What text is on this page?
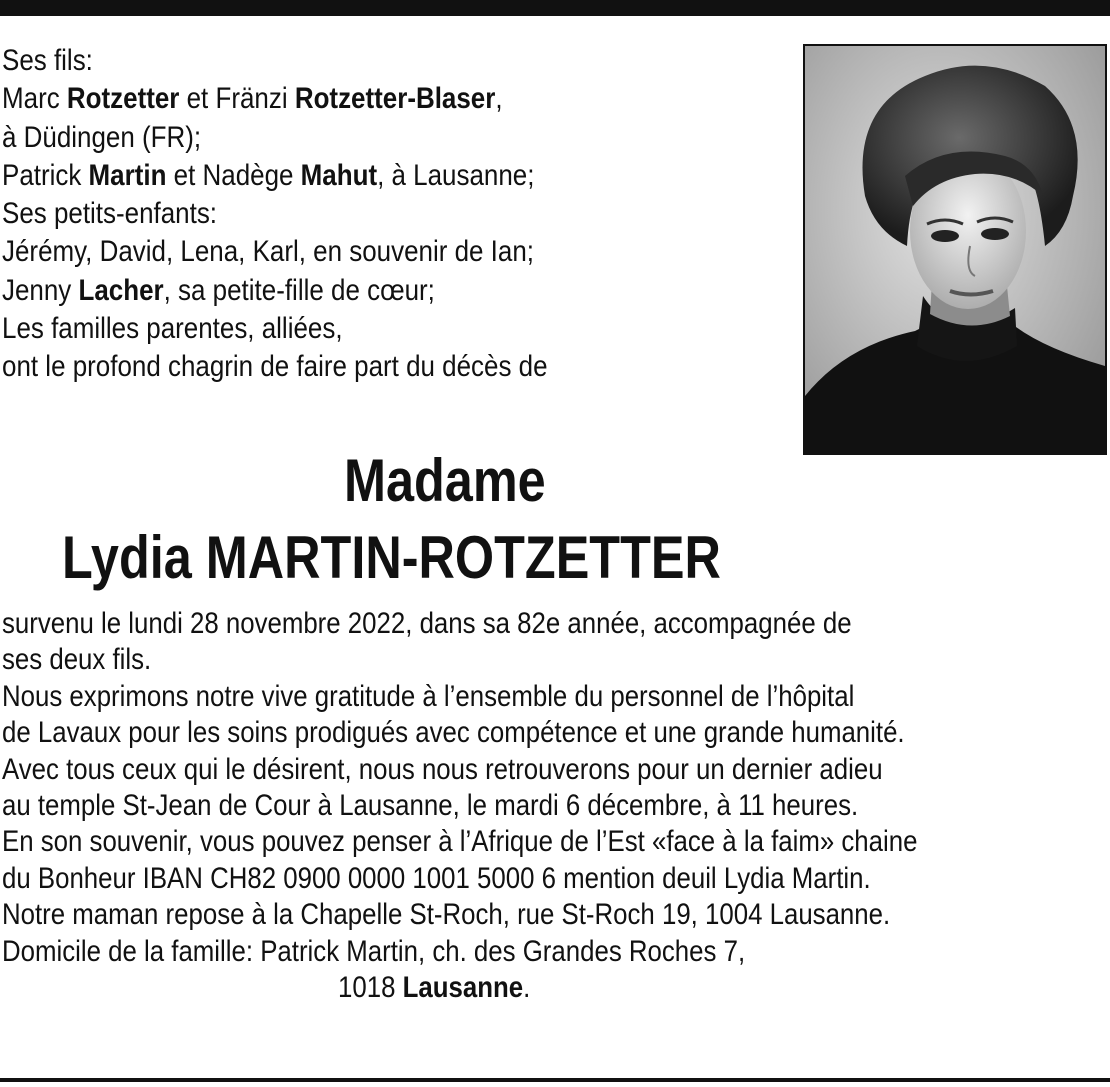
Ses fils:
Marc Rotzetter et Fränzi Rotzetter-Blaser,
à Düdingen (FR);
Patrick Martin et Nadège Mahut, à Lausanne;
Ses petits-enfants:
Jérémy, David, Lena, Karl, en souvenir de Ian;
Jenny Lacher, sa petite-fille de cœur;
Les familles parentes, alliées,
ont le profond chagrin de faire part du décès de
Madame
Lydia MARTIN-ROTZETTER
survenu le lundi 28 novembre 2022, dans sa 82e année, accompagnée de
ses deux fils.
Nous exprimons notre vive gratitude à l’ensemble du personnel de l’hôpital
de Lavaux pour les soins prodigués avec compétence et une grande humanité.
Avec tous ceux qui le désirent, nous nous retrouverons pour un dernier adieu
au temple St-Jean de Cour à Lausanne, le mardi 6 décembre, à 11 heures.
En son souvenir, vous pouvez penser à l’Afrique de l’Est «face à la faim» chaine
du Bonheur IBAN CH82 0900 0000 1001 5000 6 mention deuil Lydia Martin.
Notre maman repose à la Chapelle St-Roch, rue St-Roch 19, 1004 Lausanne.
Domicile de la famille: Patrick Martin, ch. des Grandes Roches 7,
1018 Lausanne.
